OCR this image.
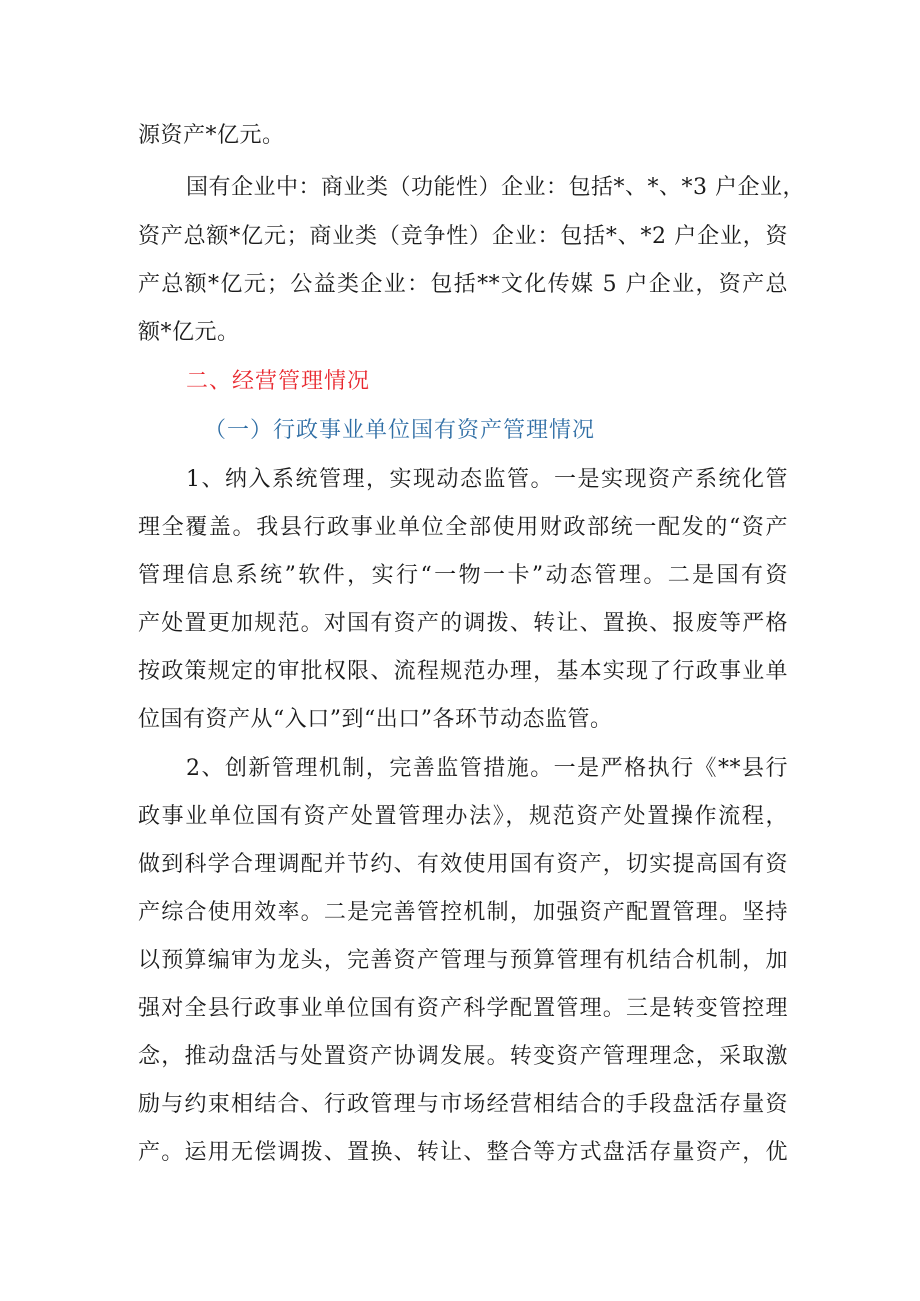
源资产*亿元。
国有企业中：商业类（功能性）企业：包括*、*、*3 户企业，
资产总额*亿元；商业类（竞争性）企业：包括*、*2 户企业，资
产总额*亿元；公益类企业：包括**文化传媒 5 户企业，资产总
额*亿元。
二、经营管理情况
（一）行政事业单位国有资产管理情况
1、纳入系统管理，实现动态监管。一是实现资产系统化管
理全覆盖。我县行政事业单位全部使用财政部统一配发的“资产
管理信息系统”软件，实行“一物一卡”动态管理。二是国有资
产处置更加规范。对国有资产的调拨、转让、置换、报废等严格
按政策规定的审批权限、流程规范办理，基本实现了行政事业单
位国有资产从“入口”到“出口”各环节动态监管。
2、创新管理机制，完善监管措施。一是严格执行《**县行
政事业单位国有资产处置管理办法》，规范资产处置操作流程，
做到科学合理调配并节约、有效使用国有资产，切实提高国有资
产综合使用效率。二是完善管控机制，加强资产配置管理。坚持
以预算编审为龙头，完善资产管理与预算管理有机结合机制，加
强对全县行政事业单位国有资产科学配置管理。三是转变管控理
念，推动盘活与处置资产协调发展。转变资产管理理念，采取激
励与约束相结合、行政管理与市场经营相结合的手段盘活存量资
产。运用无偿调拨、置换、转让、整合等方式盘活存量资产，优
